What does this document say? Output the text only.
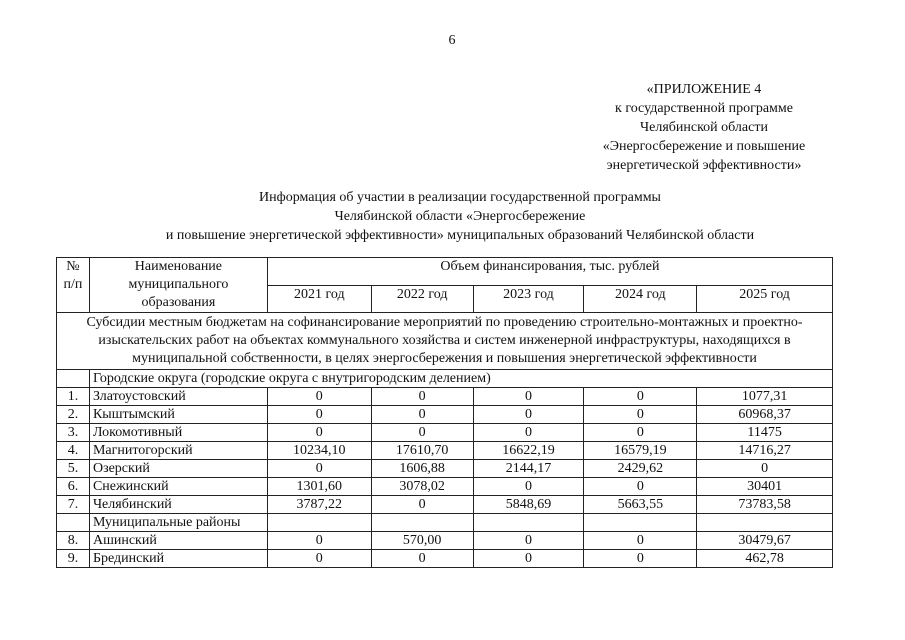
6
«ПРИЛОЖЕНИЕ 4
к государственной программе
Челябинской области
«Энергосбережение и повышение
энергетической эффективности»
Информация об участии в реализации государственной программы
Челябинской области «Энергосбережение
и повышение энергетической эффективности» муниципальных образований Челябинской области
№ п/п	Наименование муниципального образования	Объем финансирования, тыс. рублей				
		2021 год	2022 год	2023 год	2024 год	2025 год
Субсидии местным бюджетам на софинансирование мероприятий по проведению строительно-монтажных и проектно-изыскательских работ на объектах коммунального хозяйства и систем инженерной инфраструктуры, находящихся в муниципальной собственности, в целях энергосбережения и повышения энергетической эффективности						
	Городские округа (городские округа с внутригородским делением)					
1.	Златоустовский	0	0	0	0	1077,31
2.	Кыштымский	0	0	0	0	60968,37
3.	Локомотивный	0	0	0	0	11475
4.	Магнитогорский	10234,10	17610,70	16622,19	16579,19	14716,27
5.	Озерский	0	1606,88	2144,17	2429,62	0
6.	Снежинский	1301,60	3078,02	0	0	30401
7.	Челябинский	3787,22	0	5848,69	5663,55	73783,58
	Муниципальные районы					
8.	Ашинский	0	570,00	0	0	30479,67
9.	Брединский	0	0	0	0	462,78
